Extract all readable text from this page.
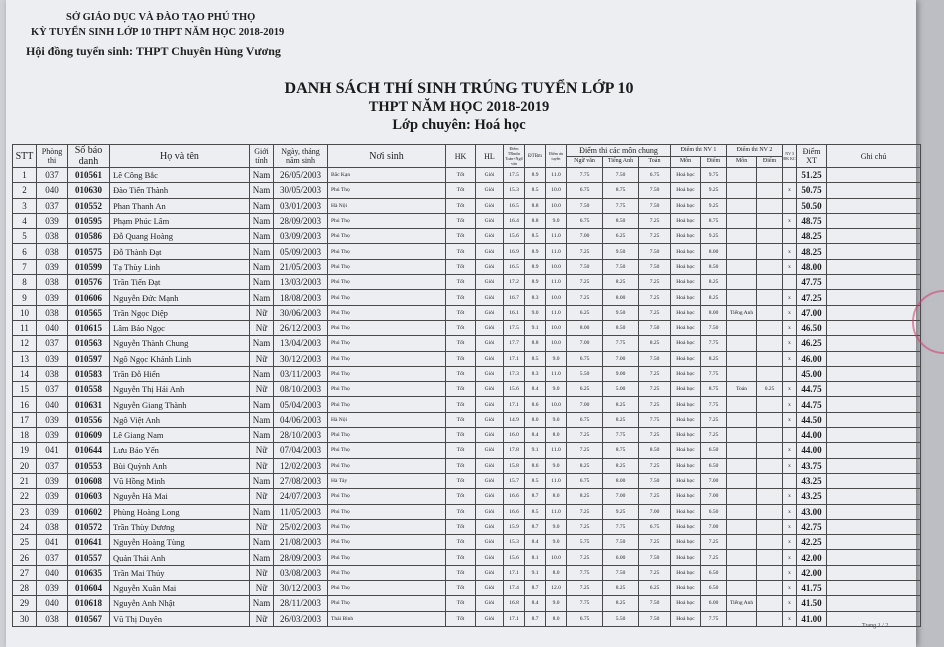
SỞ GIÁO DỤC VÀ ĐÀO TẠO PHÚ THỌ
KỲ TUYỂN SINH LỚP 10 THPT NĂM HỌC 2018-2019
Hội đồng tuyển sinh: THPT Chuyên Hùng Vương
DANH SÁCH THÍ SINH TRÚNG TUYỂN LỚP 10
THPT NĂM HỌC 2018-2019
Lớp chuyên: Hoá học
STT	Phòng thi	Số báo danh	Họ và tên	Giới tính	Ngày, tháng năm sinh	Nơi sinh	HK	HL	Điểm TBmôn Toán+Ngữ văn	ĐTBm	Điểm ưu tuyển	Điểm thi các môn chung			Điểm thi NV 1		Điểm thi NV 2		NV 3 ĐK KC	Điểm XT	Ghi chú
												Ngữ văn	Tiếng Anh	Toán	Môn	Điểm	Môn	Điểm			
1	037	010561	Lê Công Bắc	Nam	26/05/2003	Bắc Kạn	Tốt	Giỏi	17.5	8.9	11.0	7.75	7.50	6.75	Hoá học	9.75				51.25	
2	040	010630	Đào Tiến Thành	Nam	30/05/2003	Phú Thọ	Tốt	Giỏi	15.3	8.5	10.0	6.75	8.75	7.50	Hoá học	9.25			x	50.75	
3	037	010552	Phan Thanh An	Nam	03/01/2003	Hà Nội	Tốt	Giỏi	16.5	8.8	10.0	7.50	7.75	7.50	Hoá học	9.25				50.50	
4	039	010595	Phạm Phúc Lâm	Nam	28/09/2003	Phú Thọ	Tốt	Giỏi	16.4	8.8	9.0	6.75	8.50	7.25	Hoá học	8.75			x	48.75	
5	038	010586	Đỗ Quang Hoàng	Nam	03/09/2003	Phú Thọ	Tốt	Giỏi	15.6	8.5	11.0	7.00	6.25	7.25	Hoá học	9.25				48.25	
6	038	010575	Đỗ Thành Đạt	Nam	05/09/2003	Phú Thọ	Tốt	Giỏi	16.9	8.9	11.0	7.25	9.50	7.50	Hoá học	8.00			x	48.25	
7	039	010599	Tạ Thùy Linh	Nam	21/05/2003	Phú Thọ	Tốt	Giỏi	16.5	8.9	10.0	7.50	7.50	7.50	Hoá học	8.50			x	48.00	
8	038	010576	Trần Tiến Đạt	Nam	13/03/2003	Phú Thọ	Tốt	Giỏi	17.2	8.9	11.0	7.25	8.25	7.25	Hoá học	8.25				47.75	
9	039	010606	Nguyễn Đức Mạnh	Nam	18/08/2003	Phú Thọ	Tốt	Giỏi	16.7	8.3	10.0	7.25	8.00	7.25	Hoá học	8.25			x	47.25	
10	038	010565	Trần Ngọc Diệp	Nữ	30/06/2003	Phú Thọ	Tốt	Giỏi	16.1	9.0	11.0	6.25	9.50	7.25	Hoá học	8.00	Tiếng Anh		x	47.00	
11	040	010615	Lâm Bảo Ngọc	Nữ	26/12/2003	Phú Thọ	Tốt	Giỏi	17.5	9.1	10.0	8.00	8.50	7.50	Hoá học	7.50			x	46.50	
12	037	010563	Nguyễn Thành Chung	Nam	13/04/2003	Phú Thọ	Tốt	Giỏi	17.7	8.8	10.0	7.00	7.75	8.25	Hoá học	7.75			x	46.25	
13	039	010597	Ngô Ngọc Khánh Linh	Nữ	30/12/2003	Phú Thọ	Tốt	Giỏi	17.1	8.5	9.0	6.75	7.00	7.50	Hoá học	8.25			x	46.00	
14	038	010583	Trần Đỗ Hiển	Nam	03/11/2003	Phú Thọ	Tốt	Giỏi	17.3	8.3	11.0	5.50	9.00	7.25	Hoá học	7.75				45.00	
15	037	010558	Nguyễn Thị Hải Anh	Nữ	08/10/2003	Phú Thọ	Tốt	Giỏi	15.6	8.4	9.0	6.25	5.00	7.25	Hoá học	8.75	Toán	0.25	x	44.75	
16	040	010631	Nguyễn Giang Thành	Nam	05/04/2003	Phú Thọ	Tốt	Giỏi	17.1	8.6	10.0	7.00	8.25	7.25	Hoá học	7.75			x	44.75	
17	039	010556	Ngô Việt Anh	Nam	04/06/2003	Hà Nội	Tốt	Giỏi	14.9	8.0	9.0	6.75	8.25	7.75	Hoá học	7.25			x	44.50	
18	039	010609	Lê Giang Nam	Nam	28/10/2003	Phú Thọ	Tốt	Giỏi	16.0	8.4	8.0	7.25	7.75	7.25	Hoá học	7.25				44.00	
19	041	010644	Lưu Bảo Yến	Nữ	07/04/2003	Phú Thọ	Tốt	Giỏi	17.8	9.1	11.0	7.25	8.75	8.50	Hoá học	6.50			x	44.00	
20	037	010553	Bùi Quỳnh Anh	Nữ	12/02/2003	Phú Thọ	Tốt	Giỏi	15.8	8.6	9.0	8.25	8.25	7.25	Hoá học	6.50			x	43.75	
21	039	010608	Vũ Hồng Minh	Nam	27/08/2003	Hà Tây	Tốt	Giỏi	15.7	8.5	11.0	6.75	8.00	7.50	Hoá học	7.00				43.25	
22	039	010603	Nguyễn Hà Mai	Nữ	24/07/2003	Phú Thọ	Tốt	Giỏi	16.6	8.7	8.0	8.25	7.00	7.25	Hoá học	7.00			x	43.25	
23	039	010602	Phùng Hoàng Long	Nam	11/05/2003	Phú Thọ	Tốt	Giỏi	16.6	8.5	11.0	7.25	9.25	7.00	Hoá học	6.50			x	43.00	
24	038	010572	Trần Thùy Dương	Nữ	25/02/2003	Phú Thọ	Tốt	Giỏi	15.9	8.7	9.0	7.25	7.75	6.75	Hoá học	7.00			x	42.75	
25	041	010641	Nguyễn Hoàng Tùng	Nam	21/08/2003	Phú Thọ	Tốt	Giỏi	15.3	8.4	9.0	5.75	7.50	7.25	Hoá học	7.25			x	42.25	
26	037	010557	Quản Thái Anh	Nam	28/09/2003	Phú Thọ	Tốt	Giỏi	15.6	8.1	10.0	7.25	6.00	7.50	Hoá học	7.25			x	42.00	
27	040	010635	Trần Mai Thủy	Nữ	03/08/2003	Phú Thọ	Tốt	Giỏi	17.1	9.1	8.0	7.75	7.50	7.25	Hoá học	6.50			x	42.00	
28	039	010604	Nguyễn Xuân Mai	Nữ	30/12/2003	Phú Thọ	Tốt	Giỏi	17.4	8.7	12.0	7.25	8.25	6.25	Hoá học	6.50			x	41.75	
29	040	010618	Nguyễn Anh Nhật	Nam	28/11/2003	Phú Thọ	Tốt	Giỏi	16.8	8.4	9.0	7.75	8.25	7.50	Hoá học	6.00	Tiếng Anh		x	41.50	
30	038	010567	Vũ Thị Duyên	Nữ	26/03/2003	Thái Bình	Tốt	Giỏi	17.1	8.7	8.0	6.75	5.50	7.50	Hoá học	7.75			x	41.00	
Trang 1 / 2
